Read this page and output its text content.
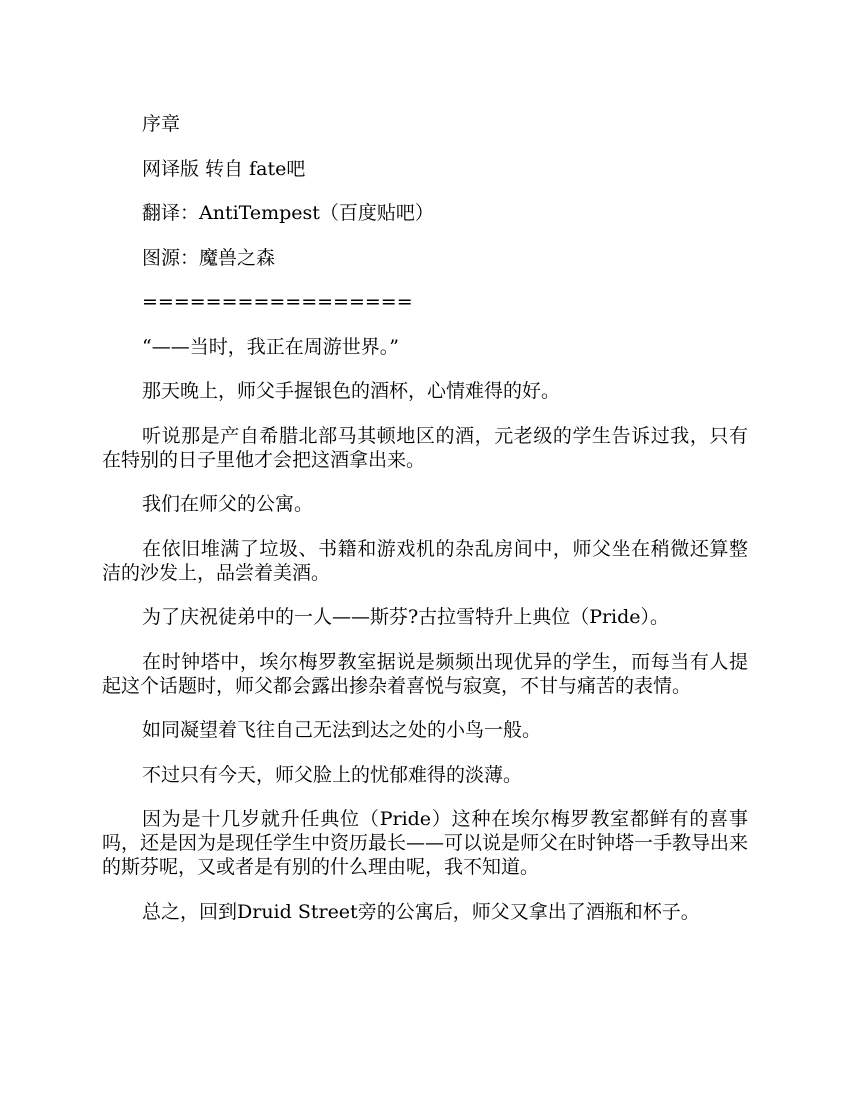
序章

网译版 转自 fate吧

翻译：AntiTempest（百度贴吧）

图源：魔兽之森

=================

“——当时，我正在周游世界。”

那天晚上，师父手握银色的酒杯，心情难得的好。

听说那是产自希腊北部马其顿地区的酒，元老级的学生告诉过我，只有在特别的日子里他才会把这酒拿出来。

我们在师父的公寓。

在依旧堆满了垃圾、书籍和游戏机的杂乱房间中，师父坐在稍微还算整洁的沙发上，品尝着美酒。

为了庆祝徒弟中的一人——斯芬?古拉雪特升上典位（Pride）。

在时钟塔中，埃尔梅罗教室据说是频频出现优异的学生，而每当有人提起这个话题时，师父都会露出掺杂着喜悦与寂寞，不甘与痛苦的表情。

如同凝望着飞往自己无法到达之处的小鸟一般。

不过只有今天，师父脸上的忧郁难得的淡薄。

因为是十几岁就升任典位（Pride）这种在埃尔梅罗教室都鲜有的喜事吗，还是因为是现任学生中资历最长——可以说是师父在时钟塔一手教导出来的斯芬呢，又或者是有别的什么理由呢，我不知道。

总之，回到Druid Street旁的公寓后，师父又拿出了酒瓶和杯子。
